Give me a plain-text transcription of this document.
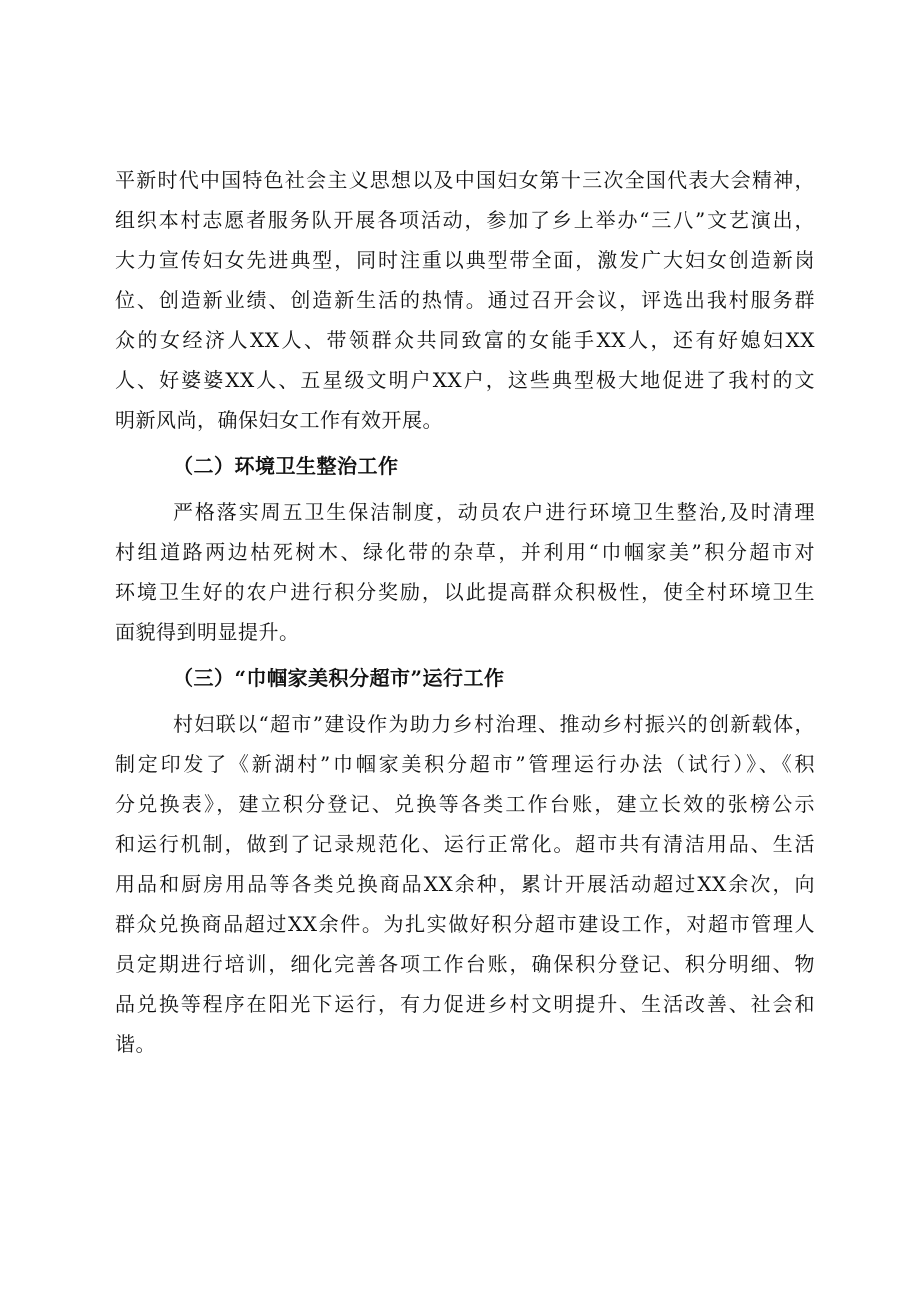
平新时代中国特色社会主义思想以及中国妇女第十三次全国代表大会精神，
组织本村志愿者服务队开展各项活动，参加了乡上举办“三八”文艺演出，
大力宣传妇女先进典型，同时注重以典型带全面，激发广大妇女创造新岗
位、创造新业绩、创造新生活的热情。通过召开会议，评选出我村服务群
众的女经济人XX人、带领群众共同致富的女能手XX人，还有好媳妇XX
人、好婆婆XX人、五星级文明户XX户，这些典型极大地促进了我村的文
明新风尚，确保妇女工作有效开展。
（二）环境卫生整治工作
严格落实周五卫生保洁制度，动员农户进行环境卫生整治,及时清理
村组道路两边枯死树木、绿化带的杂草，并利用“巾帼家美”积分超市对
环境卫生好的农户进行积分奖励，以此提高群众积极性，使全村环境卫生
面貌得到明显提升。
（三）“巾帼家美积分超市”运行工作
村妇联以“超市”建设作为助力乡村治理、推动乡村振兴的创新载体，
制定印发了《新湖村”巾帼家美积分超市”管理运行办法（试行）》、《积
分兑换表》，建立积分登记、兑换等各类工作台账，建立长效的张榜公示
和运行机制，做到了记录规范化、运行正常化。超市共有清洁用品、生活
用品和厨房用品等各类兑换商品XX余种，累计开展活动超过XX余次，向
群众兑换商品超过XX余件。为扎实做好积分超市建设工作，对超市管理人
员定期进行培训，细化完善各项工作台账，确保积分登记、积分明细、物
品兑换等程序在阳光下运行，有力促进乡村文明提升、生活改善、社会和
谐。
